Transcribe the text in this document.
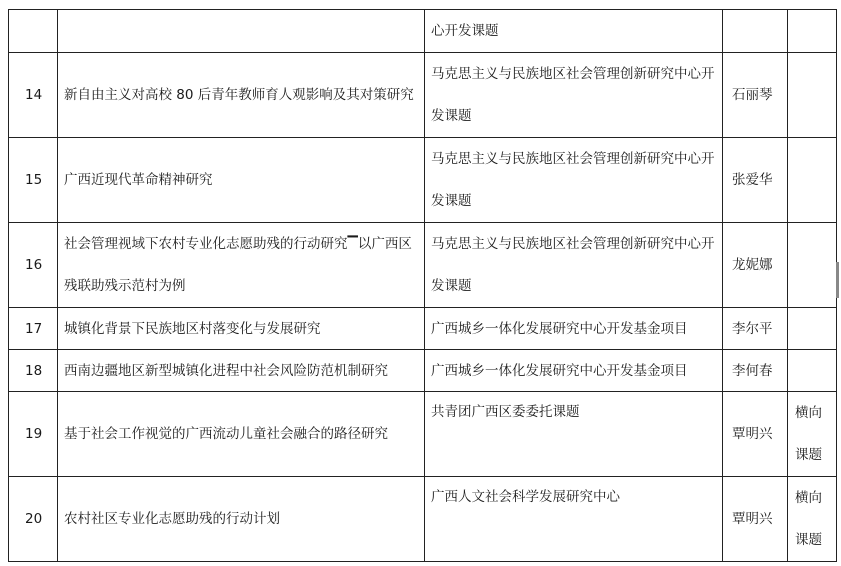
		心开发课题		
14	新自由主义对高校 80 后青年教师育人观影响及其对策研究	马克思主义与民族地区社会管理创新研究中心开发课题	石丽琴	
15	广西近现代革命精神研究	马克思主义与民族地区社会管理创新研究中心开发课题	张爱华	
16	社会管理视域下农村专业化志愿助残的行动研究▔以广西区残联助残示范村为例	马克思主义与民族地区社会管理创新研究中心开发课题	龙妮娜	
17	城镇化背景下民族地区村落变化与发展研究	广西城乡一体化发展研究中心开发基金项目	李尔平	
18	西南边疆地区新型城镇化进程中社会风险防范机制研究	广西城乡一体化发展研究中心开发基金项目	李何春	
19	基于社会工作视觉的广西流动儿童社会融合的路径研究	共青团广西区委委托课题	覃明兴	横向
课题

20	农村社区专业化志愿助残的行动计划	广西人文社会科学发展研究中心	覃明兴	横向
课题
